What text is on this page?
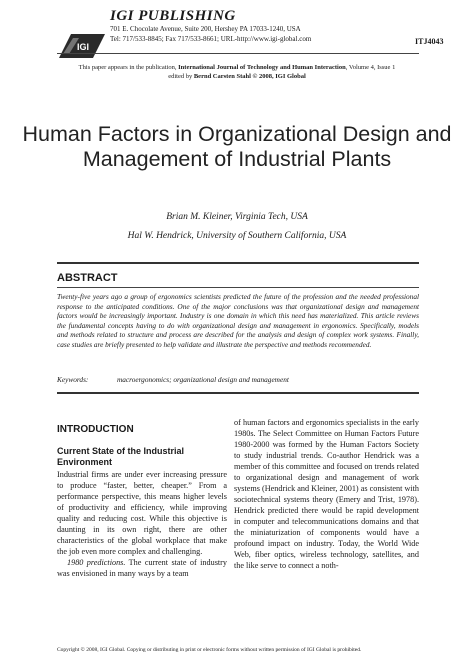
IGI
IGI PUBLISHING
701 E. Chocolate Avenue, Suite 200, Hershey PA 17033-1240, USA
Tel: 717/533-8845; Fax 717/533-8661; URL-http://www.igi-global.com	ITJ4043
This paper appears in the publication, International Journal of Technology and Human Interaction, Volume 4, Issue 1
edited by Bernd Carsten Stahl © 2008, IGI Global
Human Factors in Organizational Design and Management of Industrial Plants
Brian M. Kleiner, Virginia Tech, USA
Hal W. Hendrick, University of Southern California, USA
ABSTRACT
Twenty-five years ago a group of ergonomics scientists predicted the future of the profession and the needed professional response to the anticipated conditions. One of the major conclusions was that organizational design and management factors would be increasingly important. Industry is one domain in which this need has materialized. This article reviews the fundamental concepts having to do with organizational design and management in ergonomics. Specifically, models and methods related to structure and process are described for the analysis and design of complex work systems. Finally, case studies are briefly presented to help validate and illustrate the perspective and methods recommended.
Keywords:	macroergonomics; organizational design and management
INTRODUCTION
Current State of the Industrial Environment

Industrial firms are under ever increasing pressure to produce “faster, better, cheaper.” From a performance perspective, this means higher levels of productivity and efficiency, while improving quality and reducing cost. While this objective is daunting in its own right, there are other characteristics of the global workplace that make the job even more complex and challenging.

1980 predictions. The current state of industry was envisioned in many ways by a team

of human factors and ergonomics specialists in the early 1980s. The Select Committee on Human Factors Future 1980-2000 was formed by the Human Factors Society to study industrial trends. Co-author Hendrick was a member of this committee and focused on trends related to organizational design and management of work systems (Hendrick and Kleiner, 2001) as consistent with sociotechnical systems theory (Emery and Trist, 1978). Hendrick predicted there would be rapid development in computer and telecommunications domains and that the miniaturization of components would have a profound impact on industry. Today, the World Wide Web, fiber optics, wireless technology, satellites, and the like serve to connect a noth-

Copyright © 2008, IGI Global. Copying or distributing in print or electronic forms without written permission of IGI Global is prohibited.
